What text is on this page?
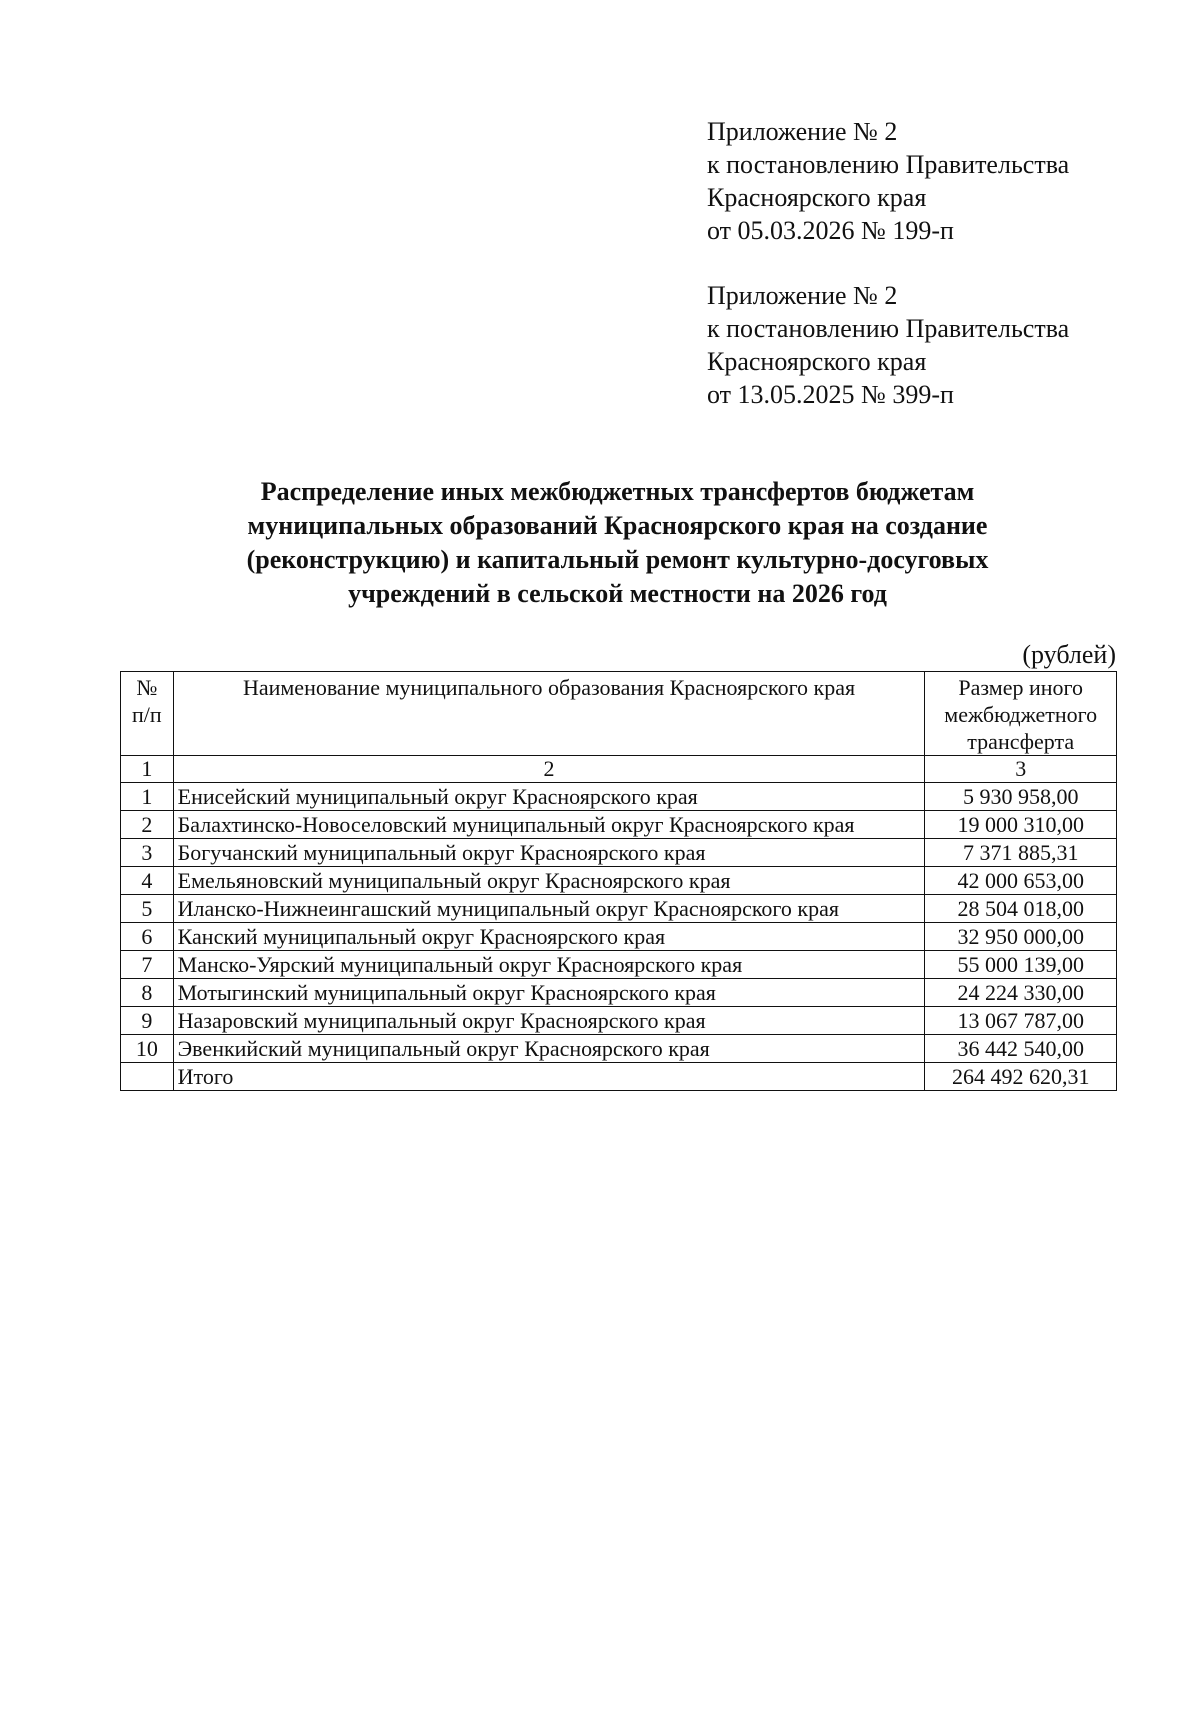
Приложение № 2
к постановлению Правительства
Красноярского края
от 05.03.2026 № 199-п
Приложение № 2
к постановлению Правительства
Красноярского края
от 13.05.2025 № 399-п
Распределение иных межбюджетных трансфертов бюджетам
муниципальных образований Красноярского края на создание
(реконструкцию) и капитальный ремонт культурно-досуговых
учреждений в сельской местности на 2026 год
(рублей)
№ п/п	Наименование муниципального образования Красноярского края	Размер иного межбюджетного трансферта
1	2	3
1	Енисейский муниципальный округ Красноярского края	5 930 958,00
2	Балахтинско-Новоселовский муниципальный округ Красноярского края	19 000 310,00
3	Богучанский муниципальный округ Красноярского края	7 371 885,31
4	Емельяновский муниципальный округ Красноярского края	42 000 653,00
5	Иланско-Нижнеингашский муниципальный округ Красноярского края	28 504 018,00
6	Канский муниципальный округ Красноярского края	32 950 000,00
7	Манско-Уярский муниципальный округ Красноярского края	55 000 139,00
8	Мотыгинский муниципальный округ Красноярского края	24 224 330,00
9	Назаровский муниципальный округ Красноярского края	13 067 787,00
10	Эвенкийский муниципальный округ Красноярского края	36 442 540,00
	Итого	264 492 620,31
